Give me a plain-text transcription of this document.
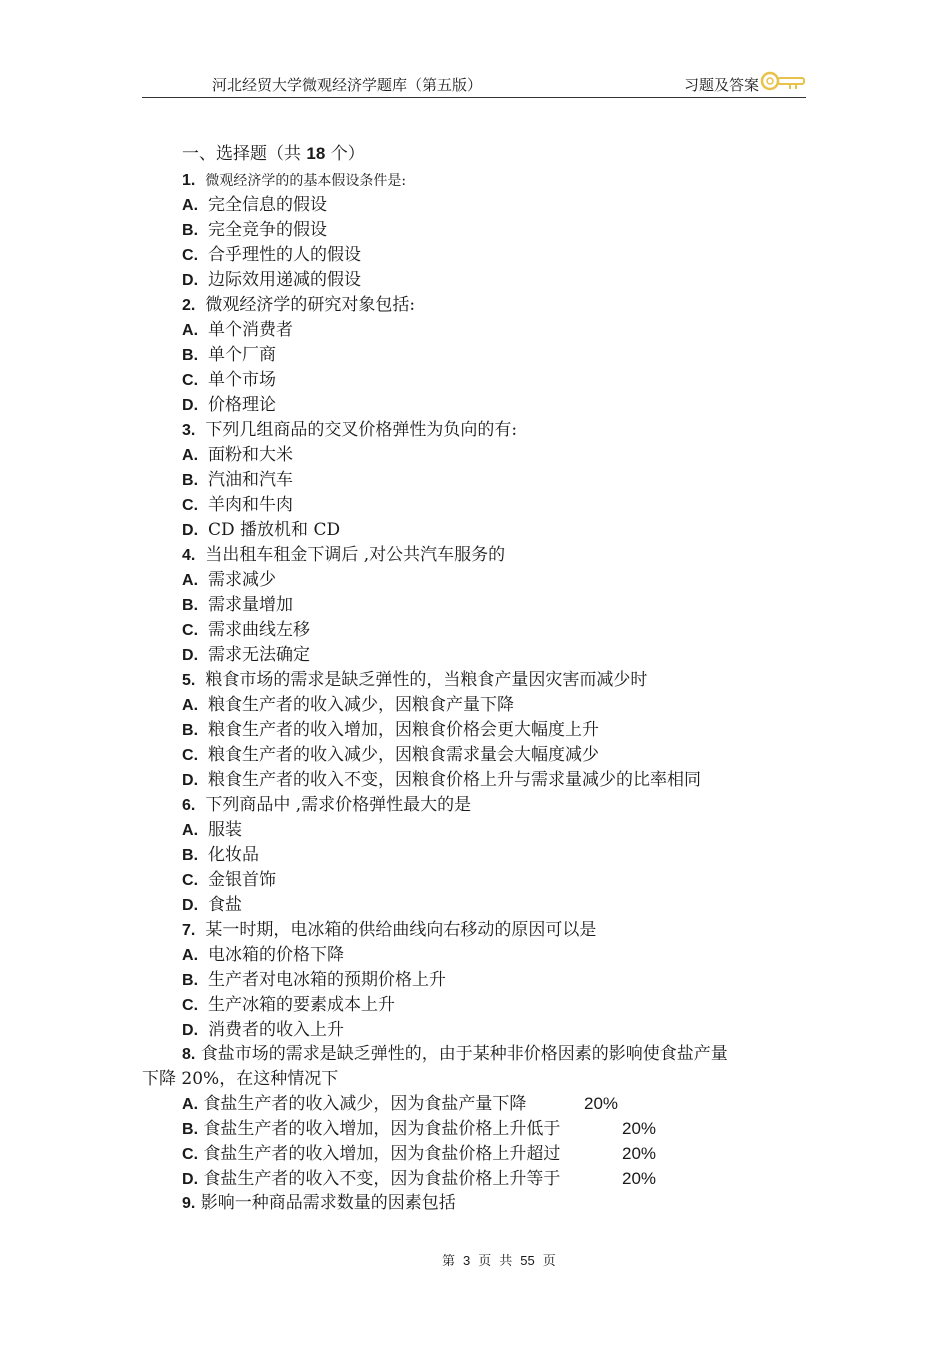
河北经贸大学微观经济学题库（第五版）	习题及答案
一、选择题（共 18 个）
1. 微观经济学的的基本假设条件是:
A. 完全信息的假设
B. 完全竞争的假设
C. 合乎理性的人的假设
D. 边际效用递减的假设
2. 微观经济学的研究对象包括:
A. 单个消费者
B. 单个厂商
C. 单个市场
D. 价格理论
3. 下列几组商品的交叉价格弹性为负向的有:
A. 面粉和大米
B. 汽油和汽车
C. 羊肉和牛肉
D. CD 播放机和 CD
4. 当出租车租金下调后 ,对公共汽车服务的
A. 需求减少
B. 需求量增加
C. 需求曲线左移
D. 需求无法确定
5. 粮食市场的需求是缺乏弹性的，当粮食产量因灾害而减少时
A. 粮食生产者的收入减少，因粮食产量下降
B. 粮食生产者的收入增加，因粮食价格会更大幅度上升
C. 粮食生产者的收入减少，因粮食需求量会大幅度减少
D. 粮食生产者的收入不变，因粮食价格上升与需求量减少的比率相同
6. 下列商品中 ,需求价格弹性最大的是
A. 服装
B. 化妆品
C. 金银首饰
D. 食盐
7. 某一时期，电冰箱的供给曲线向右移动的原因可以是
A. 电冰箱的价格下降
B. 生产者对电冰箱的预期价格上升
C. 生产冰箱的要素成本上升
D. 消费者的收入上升
8. 食盐市场的需求是缺乏弹性的，由于某种非价格因素的影响使食盐产量
下降 20%，在这种情况下
A. 食盐生产者的收入减少，因为食盐产量下降	20%
B. 食盐生产者的收入增加，因为食盐价格上升低于	20%
C. 食盐生产者的收入增加，因为食盐价格上升超过	20%
D. 食盐生产者的收入不变，因为食盐价格上升等于	20%
9. 影响一种商品需求数量的因素包括
第 3 页 共 55 页
